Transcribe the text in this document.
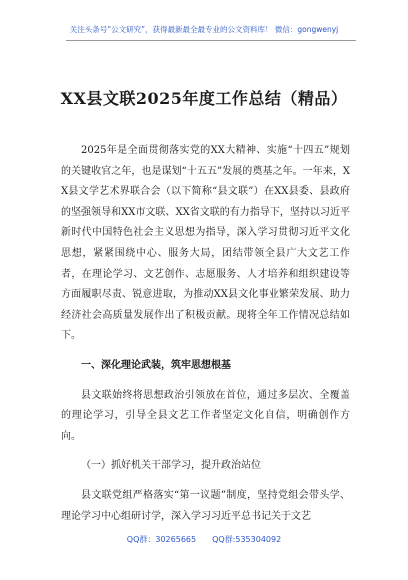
关注头条号“公文研究”，获得最新最全最专业的公文资料库！ 微信：gongwenyj
XX县文联2025年度工作总结（精品）

2025年是全面贯彻落实党的XX大精神、实施“十四五”规划的关键收官之年，也是谋划“十五五”发展的奠基之年。一年来，XX县文学艺术界联合会（以下简称“县文联”）在XX县委、县政府的坚强领导和XX市文联、XX省文联的有力指导下，坚持以习近平新时代中国特色社会主义思想为指导，深入学习贯彻习近平文化思想，紧紧围绕中心、服务大局，团结带领全县广大文艺工作者，在理论学习、文艺创作、志愿服务、人才培养和组织建设等方面履职尽责、锐意进取，为推动XX县文化事业繁荣发展、助力经济社会高质量发展作出了积极贡献。现将全年工作情况总结如下。

一、深化理论武装，筑牢思想根基

县文联始终将思想政治引领放在首位，通过多层次、全覆盖的理论学习，引导全县文艺工作者坚定文化自信，明确创作方向。

（一）抓好机关干部学习，提升政治站位

县文联党组严格落实“第一议题”制度，坚持党组会带头学、理论学习中心组研讨学，深入学习习近平总书记关于文艺

QQ群：30265665 QQ群:535304092
